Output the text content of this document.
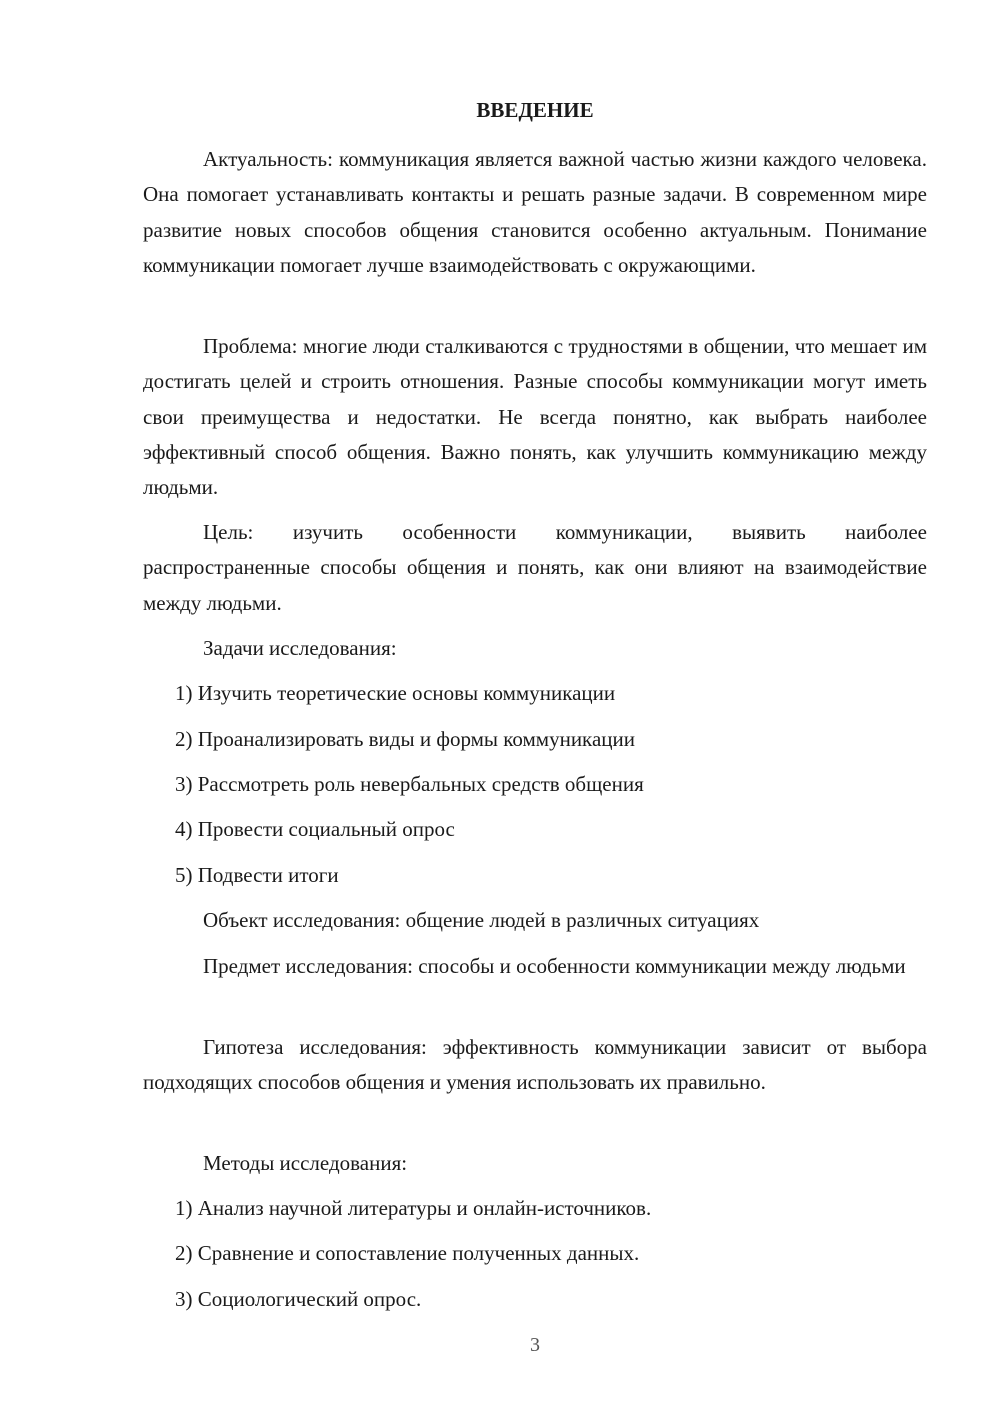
ВВЕДЕНИЕ

Актуальность: коммуникация является важной частью жизни каждого человека. Она помогает устанавливать контакты и решать разные задачи. В современном мире развитие новых способов общения становится особенно актуальным. Понимание коммуникации помогает лучше взаимодействовать с окружающими.

Проблема: многие люди сталкиваются с трудностями в общении, что мешает им достигать целей и строить отношения. Разные способы коммуникации могут иметь свои преимущества и недостатки. Не всегда понятно, как выбрать наиболее эффективный способ общения. Важно понять, как улучшить коммуникацию между людьми.

Цель: изучить особенности коммуникации, выявить наиболее распространенные способы общения и понять, как они влияют на взаимодействие между людьми.

Задачи исследования:
1) Изучить теоретические основы коммуникации
2) Проанализировать виды и формы коммуникации
3) Рассмотреть роль невербальных средств общения
4) Провести социальный опрос
5) Подвести итоги
Объект исследования: общение людей в различных ситуациях

Предмет исследования: способы и особенности коммуникации между людьми

Гипотеза исследования: эффективность коммуникации зависит от выбора подходящих способов общения и умения использовать их правильно.

Методы исследования:
1) Анализ научной литературы и онлайн-источников.
2) Сравнение и сопоставление полученных данных.
3) Социологический опрос.
3
